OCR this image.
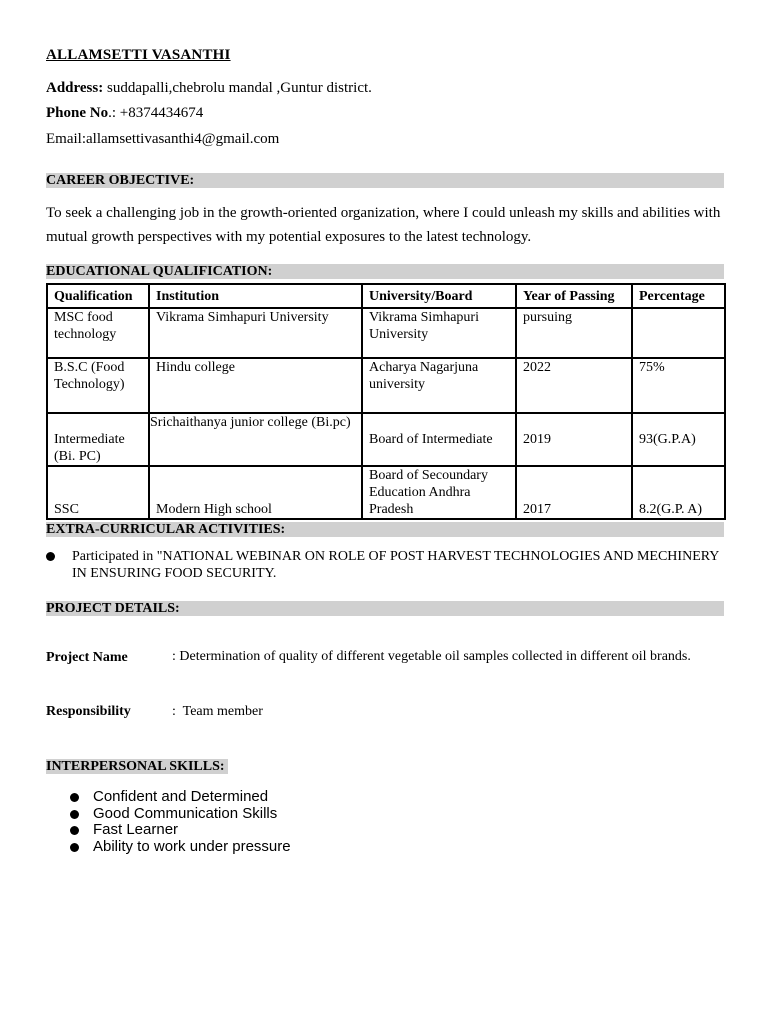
ALLAMSETTI VASANTHI
Address: suddapalli,chebrolu mandal ,Guntur district.
Phone No.: +8374434674
Email:allamsettivasanthi4@gmail.com
CAREER OBJECTIVE:
To seek a challenging job in the growth-oriented organization, where I could unleash my skills and abilities with mutual growth perspectives with my potential exposures to the latest technology.
EDUCATIONAL QUALIFICATION:
Qualification	Institution	University/Board	Year of Passing	Percentage
MSC food technology	Vikrama Simhapuri University	Vikrama Simhapuri University	pursuing	
B.S.C (Food Technology)	Hindu college	Acharya Nagarjuna university	2022	75%
Intermediate (Bi. PC)	Srichaithanya junior college (Bi.pc)	Board of Intermediate	2019	93(G.P.A)
SSC	Modern High school	Board of Secoundary Education Andhra Pradesh	2017	8.2(G.P. A)
EXTRA-CURRICULAR ACTIVITIES:
Participated in "NATIONAL WEBINAR ON ROLE OF POST HARVEST TECHNOLOGIES AND MECHINERY IN ENSURING FOOD SECURITY.
PROJECT DETAILS:
Project Name	: Determination of quality of different vegetable oil samples collected in different oil brands.
Responsibility	:  Team member
INTERPERSONAL SKILLS:
Confident and Determined
Good Communication Skills
Fast Learner
Ability to work under pressure
